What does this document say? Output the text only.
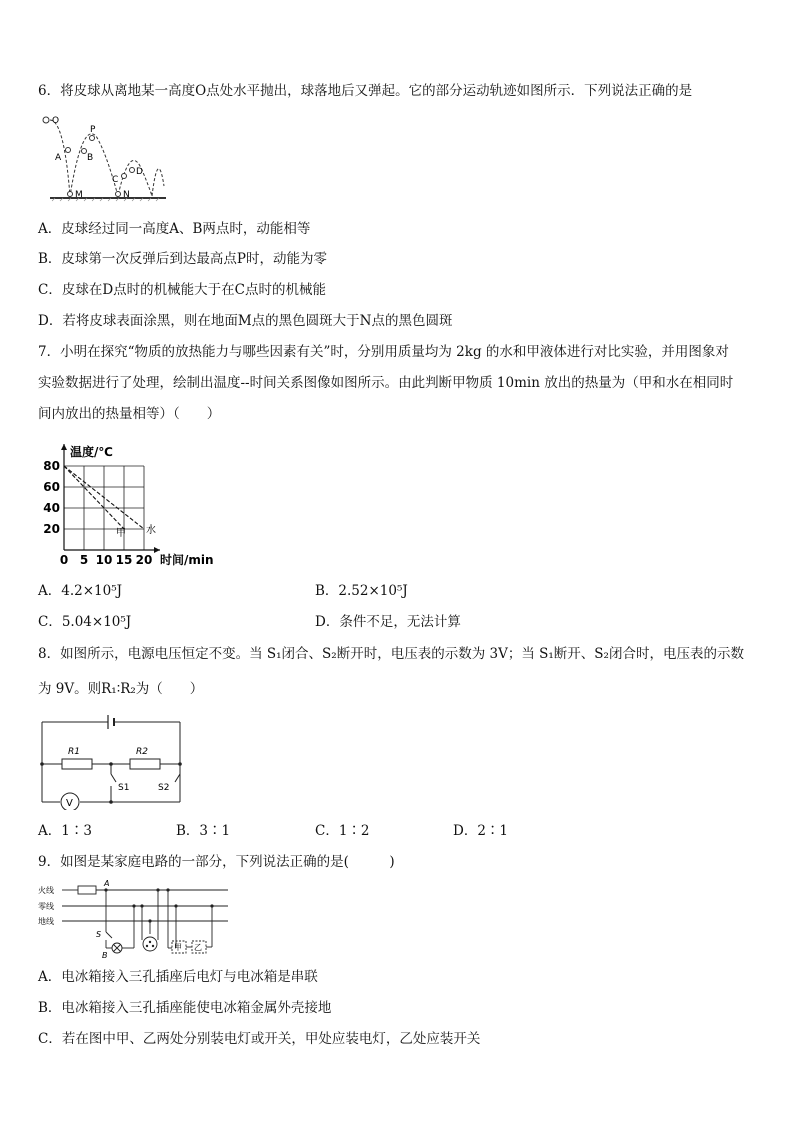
6．将皮球从离地某一高度O点处水平抛出，球落地后又弹起。它的部分运动轨迹如图所示．下列说法正确的是
O
P
A	B
C
D
M	N
A．皮球经过同一高度A、B两点时，动能相等
B．皮球第一次反弹后到达最高点P时，动能为零
C．皮球在D点时的机械能大于在C点时的机械能
D．若将皮球表面涂黑，则在地面M点的黑色圆斑大于N点的黑色圆斑
7．小明在探究“物质的放热能力与哪些因素有关”时，分别用质量均为 2kg 的水和甲液体进行对比实验，并用图象对
实验数据进行了处理，绘制出温度--时间关系图像如图所示。由此判断甲物质 10min 放出的热量为（甲和水在相同时
间内放出的热量相等）（　　）
0 5 10 15 20
20
40
60
80
温度/℃
时间/min
甲 水
A．4.2×10⁵J	B．2.52×10⁵J
C．5.04×10⁵J	D．条件不足，无法计算
8．如图所示，电源电压恒定不变。当 S₁闭合、S₂断开时，电压表的示数为 3V；当 S₁断开、S₂闭合时，电压表的示数
为 9V。则R₁∶R₂为（　　）
R1	R2
S1	S2
V
A．1∶3	B．3∶1	C．1∶2	D．2∶1
9．如图是某家庭电路的一部分，下列说法正确的是(　　　)
火线
零线
地线
A
S
B
甲 乙
A．电冰箱接入三孔插座后电灯与电冰箱是串联
B．电冰箱接入三孔插座能使电冰箱金属外壳接地
C．若在图中甲、乙两处分别装电灯或开关，甲处应装电灯，乙处应装开关
